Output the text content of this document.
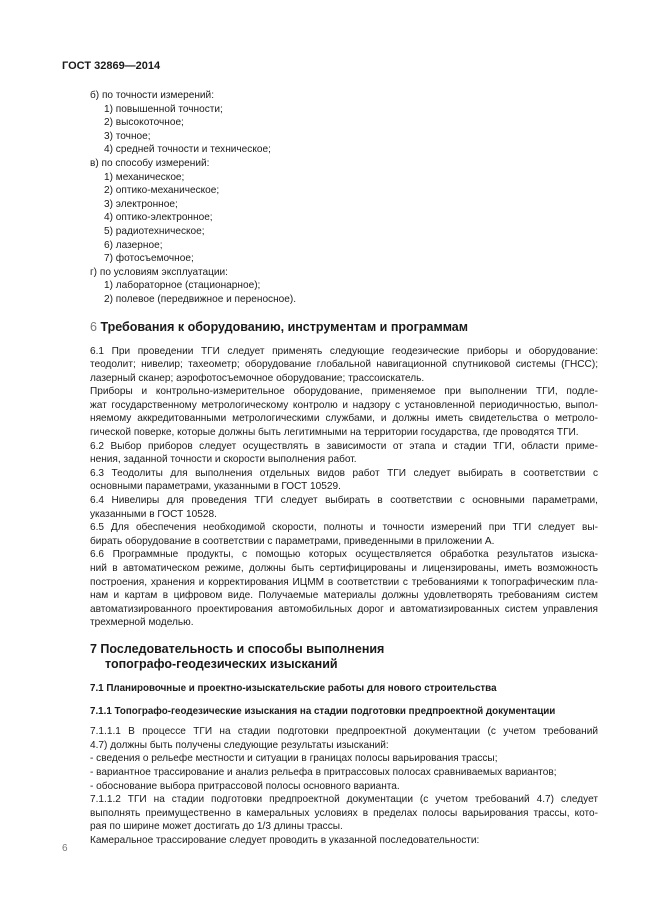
ГОСТ 32869—2014
б) по точности измерений:
1) повышенной точности;
2) высокоточное;
3) точное;
4) средней точности и техническое;
в) по способу измерений:
1) механическое;
2) оптико-механическое;
3) электронное;
4) оптико-электронное;
5) радиотехническое;
6) лазерное;
7) фотосъемочное;
г) по условиям эксплуатации:
1) лабораторное (стационарное);
2) полевое (передвижное и переносное).
6 Требования к оборудованию, инструментам и программам
6.1 При проведении ТГИ следует применять следующие геодезические приборы и оборудование:
теодолит; нивелир; тахеометр; оборудование глобальной навигационной спутниковой системы (ГНСС);
лазерный сканер; аэрофотосъемочное оборудование; трассоискатель.
Приборы и контрольно-измерительное оборудование, применяемое при выполнении ТГИ, подле-
жат государственному метрологическому контролю и надзору с установленной периодичностью, выпол-
няемому аккредитованными метрологическими службами, и должны иметь свидетельства о метроло-
гической поверке, которые должны быть легитимными на территории государства, где проводятся ТГИ.
6.2 Выбор приборов следует осуществлять в зависимости от этапа и стадии ТГИ, области приме-
нения, заданной точности и скорости выполнения работ.
6.3 Теодолиты для выполнения отдельных видов работ ТГИ следует выбирать в соответствии с
основными параметрами, указанными в ГОСТ 10529.
6.4 Нивелиры для проведения ТГИ следует выбирать в соответствии с основными параметрами,
указанными в ГОСТ 10528.
6.5 Для обеспечения необходимой скорости, полноты и точности измерений при ТГИ следует вы-
бирать оборудование в соответствии с параметрами, приведенными в приложении А.
6.6 Программные продукты, с помощью которых осуществляется обработка результатов изыска-
ний в автоматическом режиме, должны быть сертифицированы и лицензированы, иметь возможность
построения, хранения и корректирования ИЦММ в соответствии с требованиями к топографическим пла-
нам и картам в цифровом виде. Получаемые материалы должны удовлетворять требованиям систем
автоматизированного проектирования автомобильных дорог и автоматизированных систем управления
трехмерной моделью.
7 Последовательность и способы выполнения
топографо-геодезических изысканий
7.1 Планировочные и проектно-изыскательские работы для нового строительства
7.1.1 Топографо-геодезические изыскания на стадии подготовки предпроектной документации
7.1.1.1 В процессе ТГИ на стадии подготовки предпроектной документации (с учетом требований
4.7) должны быть получены следующие результаты изысканий:
- сведения о рельефе местности и ситуации в границах полосы варьирования трассы;
- вариантное трассирование и анализ рельефа в притрассовых полосах сравниваемых вариантов;
- обоснование выбора притрассовой полосы основного варианта.
7.1.1.2 ТГИ на стадии подготовки предпроектной документации (с учетом требований 4.7) следует
выполнять преимущественно в камеральных условиях в пределах полосы варьирования трассы, кото-
рая по ширине может достигать до 1/3 длины трассы.
Камеральное трассирование следует проводить в указанной последовательности:
6
